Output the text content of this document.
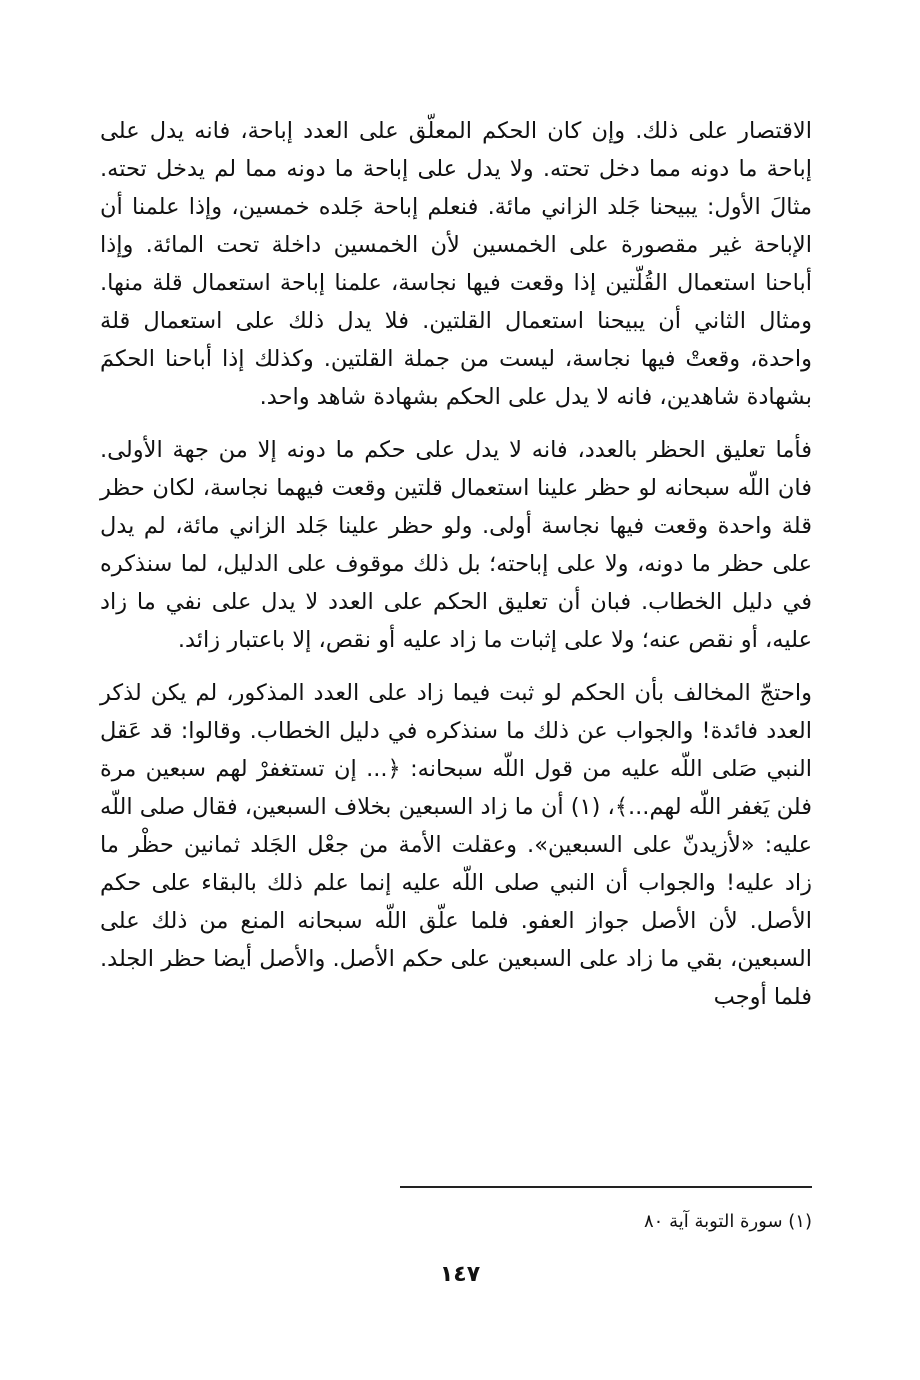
الاقتصار على ذلك. وإن كان الحكم المعلّق على العدد إباحة، فانه يدل على إباحة ما دونه مما دخل تحته. ولا يدل على إباحة ما دونه مما لم يدخل تحته. مثالَ الأول: يبيحنا جَلد الزاني مائة. فنعلم إباحة جَلده خمسين، وإذا علمنا أن الإباحة غير مقصورة على الخمسين لأن الخمسين داخلة تحت المائة. وإذا أباحنا استعمال القُلّتين إذا وقعت فيها نجاسة، علمنا إباحة استعمال قلة منها. ومثال الثاني أن يبيحنا استعمال القلتين. فلا يدل ذلك على استعمال قلة واحدة، وقعتْ فيها نجاسة، ليست من جملة القلتين. وكذلك إذا أباحنا الحكمَ بشهادة شاهدين، فانه لا يدل على الحكم بشهادة شاهد واحد.

فأما تعليق الحظر بالعدد، فانه لا يدل على حكم ما دونه إلا من جهة الأولى. فان اللّه سبحانه لو حظر علينا استعمال قلتين وقعت فيهما نجاسة، لكان حظر قلة واحدة وقعت فيها نجاسة أولى. ولو حظر علينا جَلد الزاني مائة، لم يدل على حظر ما دونه، ولا على إباحته؛ بل ذلك موقوف على الدليل، لما سنذكره في دليل الخطاب. فبان أن تعليق الحكم على العدد لا يدل على نفي ما زاد عليه، أو نقص عنه؛ ولا على إثبات ما زاد عليه أو نقص، إلا باعتبار زائد.

واحتجّ المخالف بأن الحكم لو ثبت فيما زاد على العدد المذكور، لم يكن لذكر العدد فائدة! والجواب عن ذلك ما سنذكره في دليل الخطاب. وقالوا: قد عَقل النبي صَلى اللّه عليه من قول اللّه سبحانه: ﴿... إن تستغفرْ لهم سبعين مرة فلن يَغفر اللّه لهم...﴾، (١) أن ما زاد السبعين بخلاف السبعين، فقال صلى اللّه عليه: «لأزيدنّ على السبعين». وعقلت الأمة من جعْل الجَلد ثمانين حظْر ما زاد عليه! والجواب أن النبي صلى اللّه عليه إنما علم ذلك بالبقاء على حكم الأصل. لأن الأصل جواز العفو. فلما علّق اللّه سبحانه المنع من ذلك على السبعين، بقي ما زاد على السبعين على حكم الأصل. والأصل أيضا حظر الجلد. فلما أوجب

(١) سورة التوبة آية ٨٠
١٤٧
